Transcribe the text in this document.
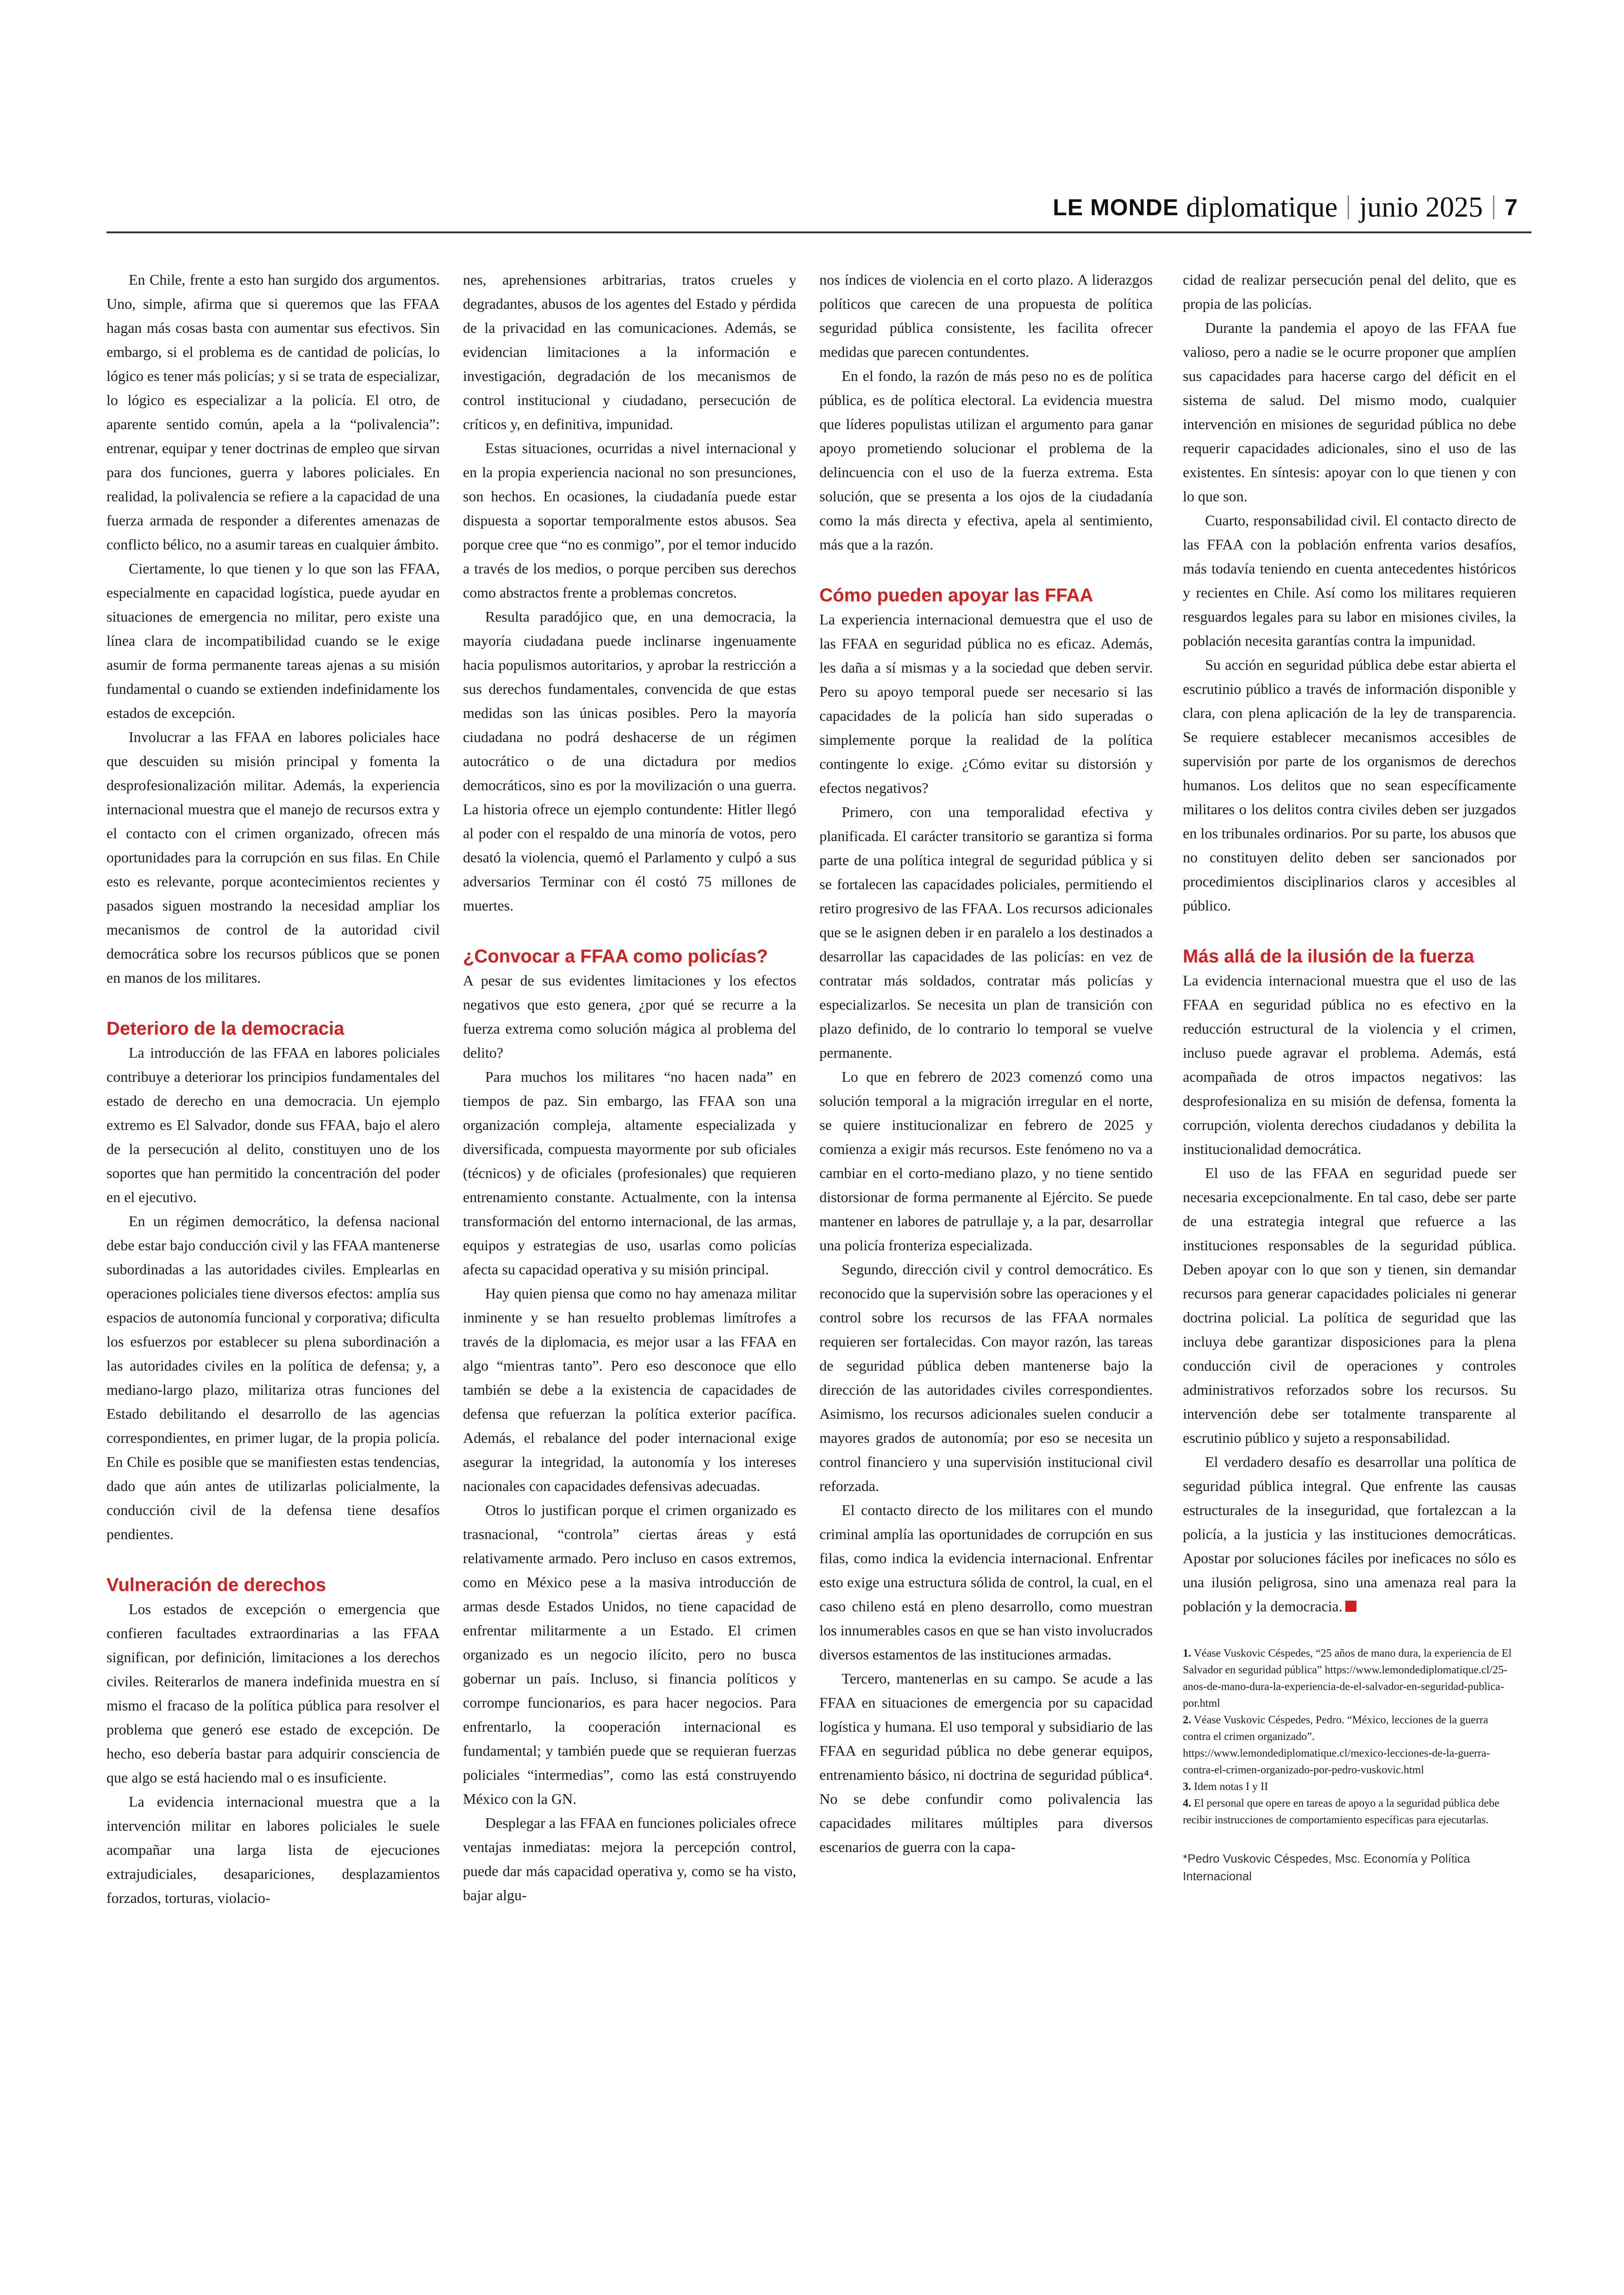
LE MONDE diplomatique junio 2025 7

En Chile, frente a esto han surgido dos argumentos. Uno, simple, afirma que si queremos que las FFAA hagan más cosas basta con aumentar sus efectivos. Sin embargo, si el problema es de cantidad de policías, lo lógico es tener más policías; y si se trata de especializar, lo lógico es especializar a la policía. El otro, de aparente sentido común, apela a la “polivalencia”: entrenar, equipar y tener doctrinas de empleo que sirvan para dos funciones, guerra y labores policiales. En realidad, la polivalencia se refiere a la capacidad de una fuerza armada de responder a diferentes amenazas de conflicto bélico, no a asumir tareas en cualquier ámbito.

Ciertamente, lo que tienen y lo que son las FFAA, especialmente en capacidad logística, puede ayudar en situaciones de emergencia no militar, pero existe una línea clara de incompatibilidad cuando se le exige asumir de forma permanente tareas ajenas a su misión fundamental o cuando se extienden indefinidamente los estados de excepción.

Involucrar a las FFAA en labores policiales hace que descuiden su misión principal y fomenta la desprofesionalización militar. Además, la experiencia internacional muestra que el manejo de recursos extra y el contacto con el crimen organizado, ofrecen más oportunidades para la corrupción en sus filas. En Chile esto es relevante, porque acontecimientos recientes y pasados siguen mostrando la necesidad ampliar los mecanismos de control de la autoridad civil democrática sobre los recursos públicos que se ponen en manos de los militares.

Deterioro de la democracia

La introducción de las FFAA en labores policiales contribuye a deteriorar los principios fundamentales del estado de derecho en una democracia. Un ejemplo extremo es El Salvador, donde sus FFAA, bajo el alero de la persecución al delito, constituyen uno de los soportes que han permitido la concentración del poder en el ejecutivo.

En un régimen democrático, la defensa nacional debe estar bajo conducción civil y las FFAA mantenerse subordinadas a las autoridades civiles. Emplearlas en operaciones policiales tiene diversos efectos: amplía sus espacios de autonomía funcional y corporativa; dificulta los esfuerzos por establecer su plena subordinación a las autoridades civiles en la política de defensa; y, a mediano-largo plazo, militariza otras funciones del Estado debilitando el desarrollo de las agencias correspondientes, en primer lugar, de la propia policía. En Chile es posible que se manifiesten estas tendencias, dado que aún antes de utilizarlas policialmente, la conducción civil de la defensa tiene desafíos pendientes.

Vulneración de derechos

Los estados de excepción o emergencia que confieren facultades extraordinarias a las FFAA significan, por definición, limitaciones a los derechos civiles. Reiterarlos de manera indefinida muestra en sí mismo el fracaso de la política pública para resolver el problema que generó ese estado de excepción. De hecho, eso debería bastar para adquirir consciencia de que algo se está haciendo mal o es insuficiente.

La evidencia internacional muestra que a la intervención militar en labores policiales le suele acompañar una larga lista de ejecuciones extrajudiciales, desapariciones, desplazamientos forzados, torturas, violacio-

nes, aprehensiones arbitrarias, tratos crueles y degradantes, abusos de los agentes del Estado y pérdida de la privacidad en las comunicaciones. Además, se evidencian limitaciones a la información e investigación, degradación de los mecanismos de control institucional y ciudadano, persecución de críticos y, en definitiva, impunidad.

Estas situaciones, ocurridas a nivel internacional y en la propia experiencia nacional no son presunciones, son hechos. En ocasiones, la ciudadanía puede estar dispuesta a soportar temporalmente estos abusos. Sea porque cree que “no es conmigo”, por el temor inducido a través de los medios, o porque perciben sus derechos como abstractos frente a problemas concretos.

Resulta paradójico que, en una democracia, la mayoría ciudadana puede inclinarse ingenuamente hacia populismos autoritarios, y aprobar la restricción a sus derechos fundamentales, convencida de que estas medidas son las únicas posibles. Pero la mayoría ciudadana no podrá deshacerse de un régimen autocrático o de una dictadura por medios democráticos, sino es por la movilización o una guerra. La historia ofrece un ejemplo contundente: Hitler llegó al poder con el respaldo de una minoría de votos, pero desató la violencia, quemó el Parlamento y culpó a sus adversarios Terminar con él costó 75 millones de muertes.

¿Convocar a FFAA como policías?

A pesar de sus evidentes limitaciones y los efectos negativos que esto genera, ¿por qué se recurre a la fuerza extrema como solución mágica al problema del delito?

Para muchos los militares “no hacen nada” en tiempos de paz. Sin embargo, las FFAA son una organización compleja, altamente especializada y diversificada, compuesta mayormente por sub oficiales (técnicos) y de oficiales (profesionales) que requieren entrenamiento constante. Actualmente, con la intensa transformación del entorno internacional, de las armas, equipos y estrategias de uso, usarlas como policías afecta su capacidad operativa y su misión principal.

Hay quien piensa que como no hay amenaza militar inminente y se han resuelto problemas limítrofes a través de la diplomacia, es mejor usar a las FFAA en algo “mientras tanto”. Pero eso desconoce que ello también se debe a la existencia de capacidades de defensa que refuerzan la política exterior pacífica. Además, el rebalance del poder internacional exige asegurar la integridad, la autonomía y los intereses nacionales con capacidades defensivas adecuadas.

Otros lo justifican porque el crimen organizado es trasnacional, “controla” ciertas áreas y está relativamente armado. Pero incluso en casos extremos, como en México pese a la masiva introducción de armas desde Estados Unidos, no tiene capacidad de enfrentar militarmente a un Estado. El crimen organizado es un negocio ilícito, pero no busca gobernar un país. Incluso, si financia políticos y corrompe funcionarios, es para hacer negocios. Para enfrentarlo, la cooperación internacional es fundamental; y también puede que se requieran fuerzas policiales “intermedias”, como las está construyendo México con la GN.

Desplegar a las FFAA en funciones policiales ofrece ventajas inmediatas: mejora la percepción control, puede dar más capacidad operativa y, como se ha visto, bajar algu-

nos índices de violencia en el corto plazo. A liderazgos políticos que carecen de una propuesta de política seguridad pública consistente, les facilita ofrecer medidas que parecen contundentes.

En el fondo, la razón de más peso no es de política pública, es de política electoral. La evidencia muestra que líderes populistas utilizan el argumento para ganar apoyo prometiendo solucionar el problema de la delincuencia con el uso de la fuerza extrema. Esta solución, que se presenta a los ojos de la ciudadanía como la más directa y efectiva, apela al sentimiento, más que a la razón.

Cómo pueden apoyar las FFAA

La experiencia internacional demuestra que el uso de las FFAA en seguridad pública no es eficaz. Además, les daña a sí mismas y a la sociedad que deben servir. Pero su apoyo temporal puede ser necesario si las capacidades de la policía han sido superadas o simplemente porque la realidad de la política contingente lo exige. ¿Cómo evitar su distorsión y efectos negativos?

Primero, con una temporalidad efectiva y planificada. El carácter transitorio se garantiza si forma parte de una política integral de seguridad pública y si se fortalecen las capacidades policiales, permitiendo el retiro progresivo de las FFAA. Los recursos adicionales que se le asignen deben ir en paralelo a los destinados a desarrollar las capacidades de las policías: en vez de contratar más soldados, contratar más policías y especializarlos. Se necesita un plan de transición con plazo definido, de lo contrario lo temporal se vuelve permanente.

Lo que en febrero de 2023 comenzó como una solución temporal a la migración irregular en el norte, se quiere institucionalizar en febrero de 2025 y comienza a exigir más recursos. Este fenómeno no va a cambiar en el corto-mediano plazo, y no tiene sentido distorsionar de forma permanente al Ejército. Se puede mantener en labores de patrullaje y, a la par, desarrollar una policía fronteriza especializada.

Segundo, dirección civil y control democrático. Es reconocido que la supervisión sobre las operaciones y el control sobre los recursos de las FFAA normales requieren ser fortalecidas. Con mayor razón, las tareas de seguridad pública deben mantenerse bajo la dirección de las autoridades civiles correspondientes. Asimismo, los recursos adicionales suelen conducir a mayores grados de autonomía; por eso se necesita un control financiero y una supervisión institucional civil reforzada.

El contacto directo de los militares con el mundo criminal amplía las oportunidades de corrupción en sus filas, como indica la evidencia internacional. Enfrentar esto exige una estructura sólida de control, la cual, en el caso chileno está en pleno desarrollo, como muestran los innumerables casos en que se han visto involucrados diversos estamentos de las instituciones armadas.

Tercero, mantenerlas en su campo. Se acude a las FFAA en situaciones de emergencia por su capacidad logística y humana. El uso temporal y subsidiario de las FFAA en seguridad pública no debe generar equipos, entrenamiento básico, ni doctrina de seguridad pública⁴. No se debe confundir como polivalencia las capacidades militares múltiples para diversos escenarios de guerra con la capa-

cidad de realizar persecución penal del delito, que es propia de las policías.

Durante la pandemia el apoyo de las FFAA fue valioso, pero a nadie se le ocurre proponer que amplíen sus capacidades para hacerse cargo del déficit en el sistema de salud. Del mismo modo, cualquier intervención en misiones de seguridad pública no debe requerir capacidades adicionales, sino el uso de las existentes. En síntesis: apoyar con lo que tienen y con lo que son.

Cuarto, responsabilidad civil. El contacto directo de las FFAA con la población enfrenta varios desafíos, más todavía teniendo en cuenta antecedentes históricos y recientes en Chile. Así como los militares requieren resguardos legales para su labor en misiones civiles, la población necesita garantías contra la impunidad.

Su acción en seguridad pública debe estar abierta el escrutinio público a través de información disponible y clara, con plena aplicación de la ley de transparencia. Se requiere establecer mecanismos accesibles de supervisión por parte de los organismos de derechos humanos. Los delitos que no sean específicamente militares o los delitos contra civiles deben ser juzgados en los tribunales ordinarios. Por su parte, los abusos que no constituyen delito deben ser sancionados por procedimientos disciplinarios claros y accesibles al público.

Más allá de la ilusión de la fuerza

La evidencia internacional muestra que el uso de las FFAA en seguridad pública no es efectivo en la reducción estructural de la violencia y el crimen, incluso puede agravar el problema. Además, está acompañada de otros impactos negativos: las desprofesionaliza en su misión de defensa, fomenta la corrupción, violenta derechos ciudadanos y debilita la institucionalidad democrática.

El uso de las FFAA en seguridad puede ser necesaria excepcionalmente. En tal caso, debe ser parte de una estrategia integral que refuerce a las instituciones responsables de la seguridad pública. Deben apoyar con lo que son y tienen, sin demandar recursos para generar capacidades policiales ni generar doctrina policial. La política de seguridad que las incluya debe garantizar disposiciones para la plena conducción civil de operaciones y controles administrativos reforzados sobre los recursos. Su intervención debe ser totalmente transparente al escrutinio público y sujeto a responsabilidad.

El verdadero desafío es desarrollar una política de seguridad pública integral. Que enfrente las causas estructurales de la inseguridad, que fortalezcan a la policía, a la justicia y las instituciones democráticas. Apostar por soluciones fáciles por ineficaces no sólo es una ilusión peligrosa, sino una amenaza real para la población y la democracia.

1. Véase Vuskovic Céspedes, “25 años de mano dura, la experiencia de El Salvador en seguridad pública” https://www.lemondediplomatique.cl/25-anos-de-mano-dura-la-experiencia-de-el-salvador-en-seguridad-publica-por.html

2. Véase Vuskovic Céspedes, Pedro. “México, lecciones de la guerra contra el crimen organizado”. https://www.lemondediplomatique.cl/mexico-lecciones-de-la-guerra-contra-el-crimen-organizado-por-pedro-vuskovic.html

3. Idem notas I y II

4. El personal que opere en tareas de apoyo a la seguridad pública debe recibir instrucciones de comportamiento específicas para ejecutarlas.

*Pedro Vuskovic Céspedes, Msc. Economía y Política Internacional
